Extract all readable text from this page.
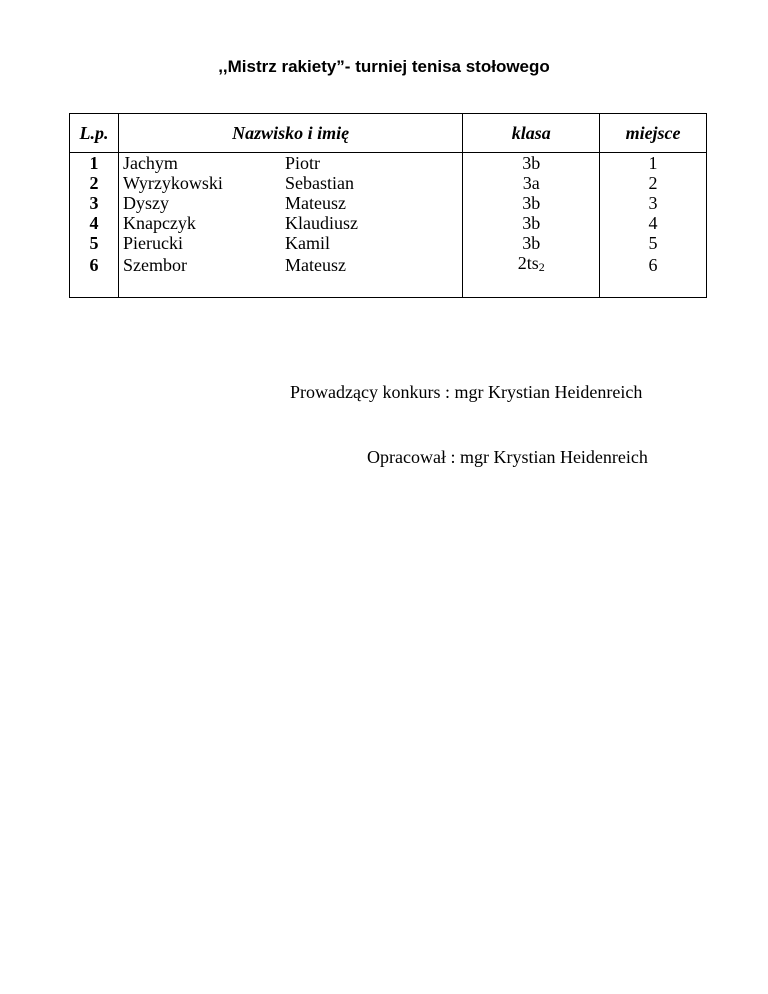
,,Mistrz rakiety”- turniej tenisa stołowego
L.p.	Nazwisko i imię	klasa	miejsce
1	Jachym Piotr	3b	1
2	Wyrzykowski Sebastian	3a	2
3	Dyszy Mateusz	3b	3
4	Knapczyk Klaudiusz	3b	4
5	Pierucki Kamil	3b	5
6	Szembor Mateusz	$2ts_2$	6

Prowadzący konkurs : mgr Krystian Heidenreich
Opracował : mgr Krystian Heidenreich
